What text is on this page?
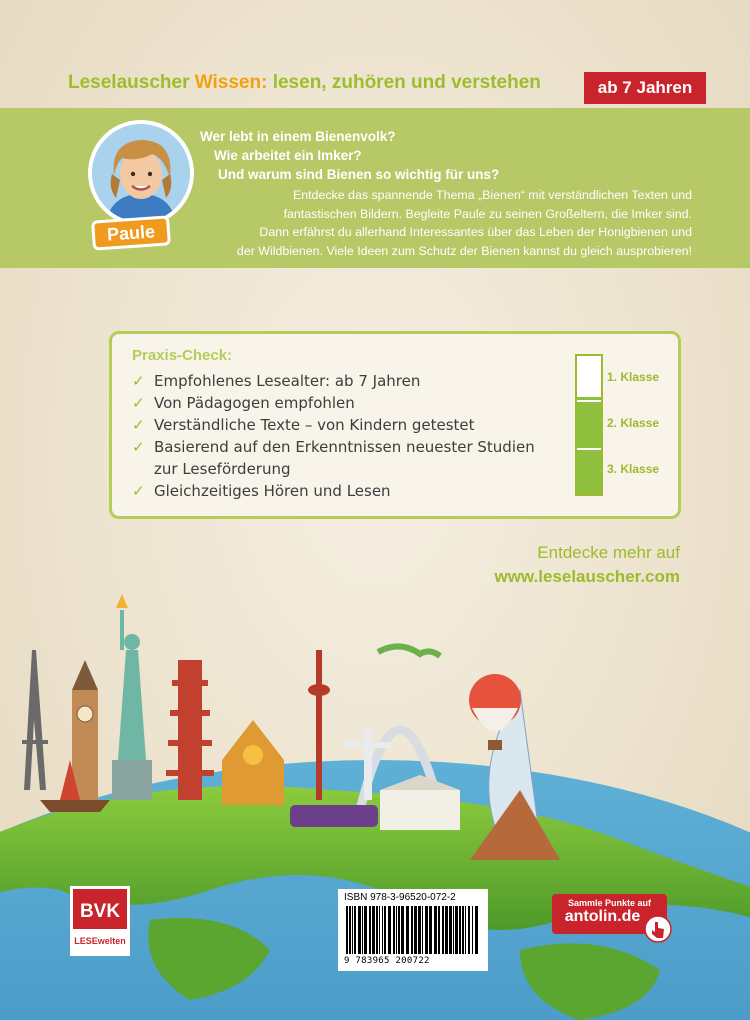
Leselauscher Wissen: lesen, zuhören und verstehen	ab 7 Jahren
Paule
Wer lebt in einem Bienenvolk?
Wie arbeitet ein Imker?
Und warum sind Bienen so wichtig für uns?
Entdecke das spannende Thema „Bienen“ mit verständlichen Texten und
fantastischen Bildern. Begleite Paule zu seinen Großeltern, die Imker sind.
Dann erfährst du allerhand Interessantes über das Leben der Honigbienen und
der Wildbienen. Viele Ideen zum Schutz der Bienen kannst du gleich ausprobieren!
Praxis-Check:
✓ Empfohlenes Lesealter: ab 7 Jahren
✓ Von Pädagogen empfohlen
✓ Verständliche Texte – von Kindern getestet
✓ Basierend auf den Erkenntnissen neuester Studien
zur Leseförderung
✓ Gleichzeitiges Hören und Lesen
1. Klasse
2. Klasse
3. Klasse
Entdecke mehr auf
www.leselauscher.com
BVK
LESEwelten
ISBN 978-3-96520-072-2
9 783965 200722
Sammle Punkte auf
antolin.de
